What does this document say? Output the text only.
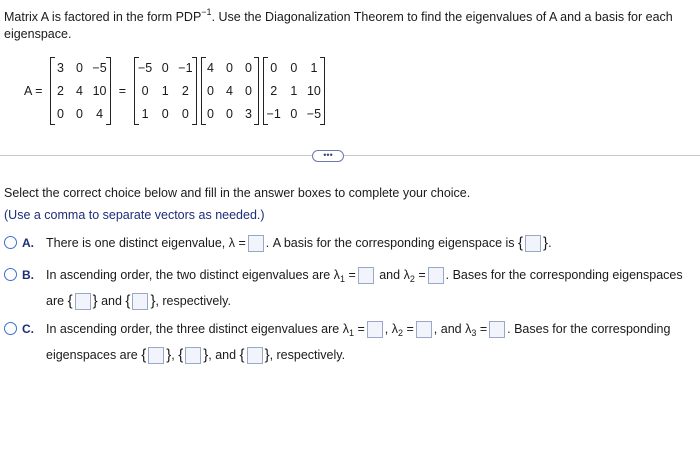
Matrix A is factored in the form $PDP^{-1}$. Use the Diagonalization Theorem to find the eigenvalues of A and a basis for each eigenspace.
A =
3 0 −5
2 4 10
0 0 4
=
−5 0 −1
0 1 2
1 0 0
4 0 0
0 4 0
0 0 3
0 0 1
2 1 10
−1 0 −5
•••
Select the correct choice below and fill in the answer boxes to complete your choice.
(Use a comma to separate vectors as needed.)
A. There is one distinct eigenvalue, λ = . A basis for the corresponding eigenspace is { }.
B. In ascending order, the two distinct eigenvalues are $\lambda_1$ = and $\lambda_2$ = . Bases for the corresponding eigenspaces are { } and { }, respectively.
C. In ascending order, the three distinct eigenvalues are $\lambda_1$ = , $\lambda_2$ = , and $\lambda_3$ = . Bases for the corresponding eigenspaces are { }, { }, and { }, respectively.
